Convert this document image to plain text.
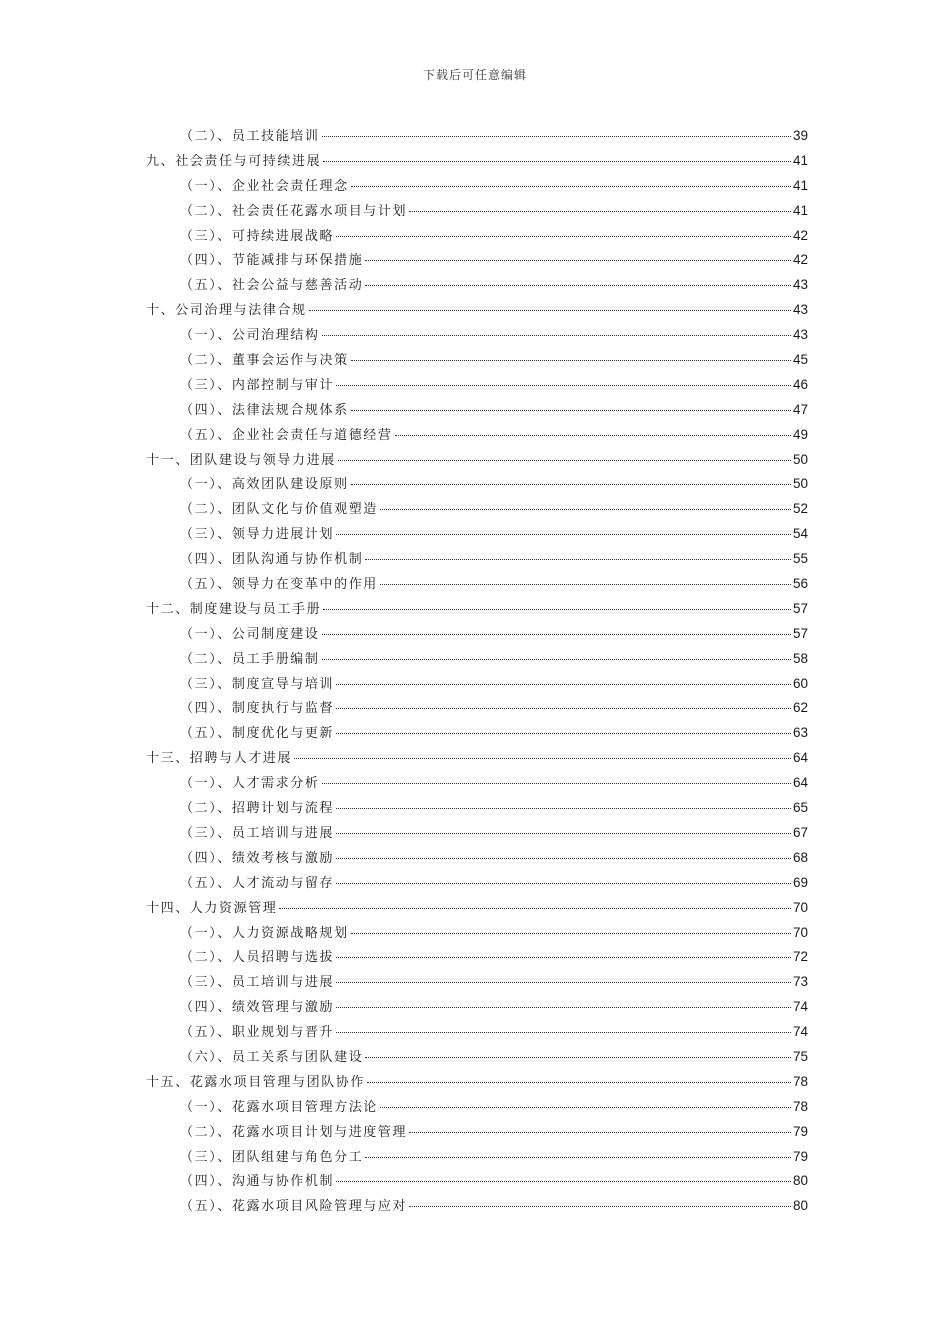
下载后可任意编辑
（二）、员工技能培训	39
九、社会责任与可持续进展	41
（一）、企业社会责任理念	41
（二）、社会责任花露水项目与计划	41
（三）、可持续进展战略	42
（四）、节能减排与环保措施	42
（五）、社会公益与慈善活动	43
十、公司治理与法律合规	43
（一）、公司治理结构	43
（二）、董事会运作与决策	45
（三）、内部控制与审计	46
（四）、法律法规合规体系	47
（五）、企业社会责任与道德经营	49
十一、团队建设与领导力进展	50
（一）、高效团队建设原则	50
（二）、团队文化与价值观塑造	52
（三）、领导力进展计划	54
（四）、团队沟通与协作机制	55
（五）、领导力在变革中的作用	56
十二、制度建设与员工手册	57
（一）、公司制度建设	57
（二）、员工手册编制	58
（三）、制度宣导与培训	60
（四）、制度执行与监督	62
（五）、制度优化与更新	63
十三、招聘与人才进展	64
（一）、人才需求分析	64
（二）、招聘计划与流程	65
（三）、员工培训与进展	67
（四）、绩效考核与激励	68
（五）、人才流动与留存	69
十四、人力资源管理	70
（一）、人力资源战略规划	70
（二）、人员招聘与选拔	72
（三）、员工培训与进展	73
（四）、绩效管理与激励	74
（五）、职业规划与晋升	74
（六）、员工关系与团队建设	75
十五、花露水项目管理与团队协作	78
（一）、花露水项目管理方法论	78
（二）、花露水项目计划与进度管理	79
（三）、团队组建与角色分工	79
（四）、沟通与协作机制	80
（五）、花露水项目风险管理与应对	80
